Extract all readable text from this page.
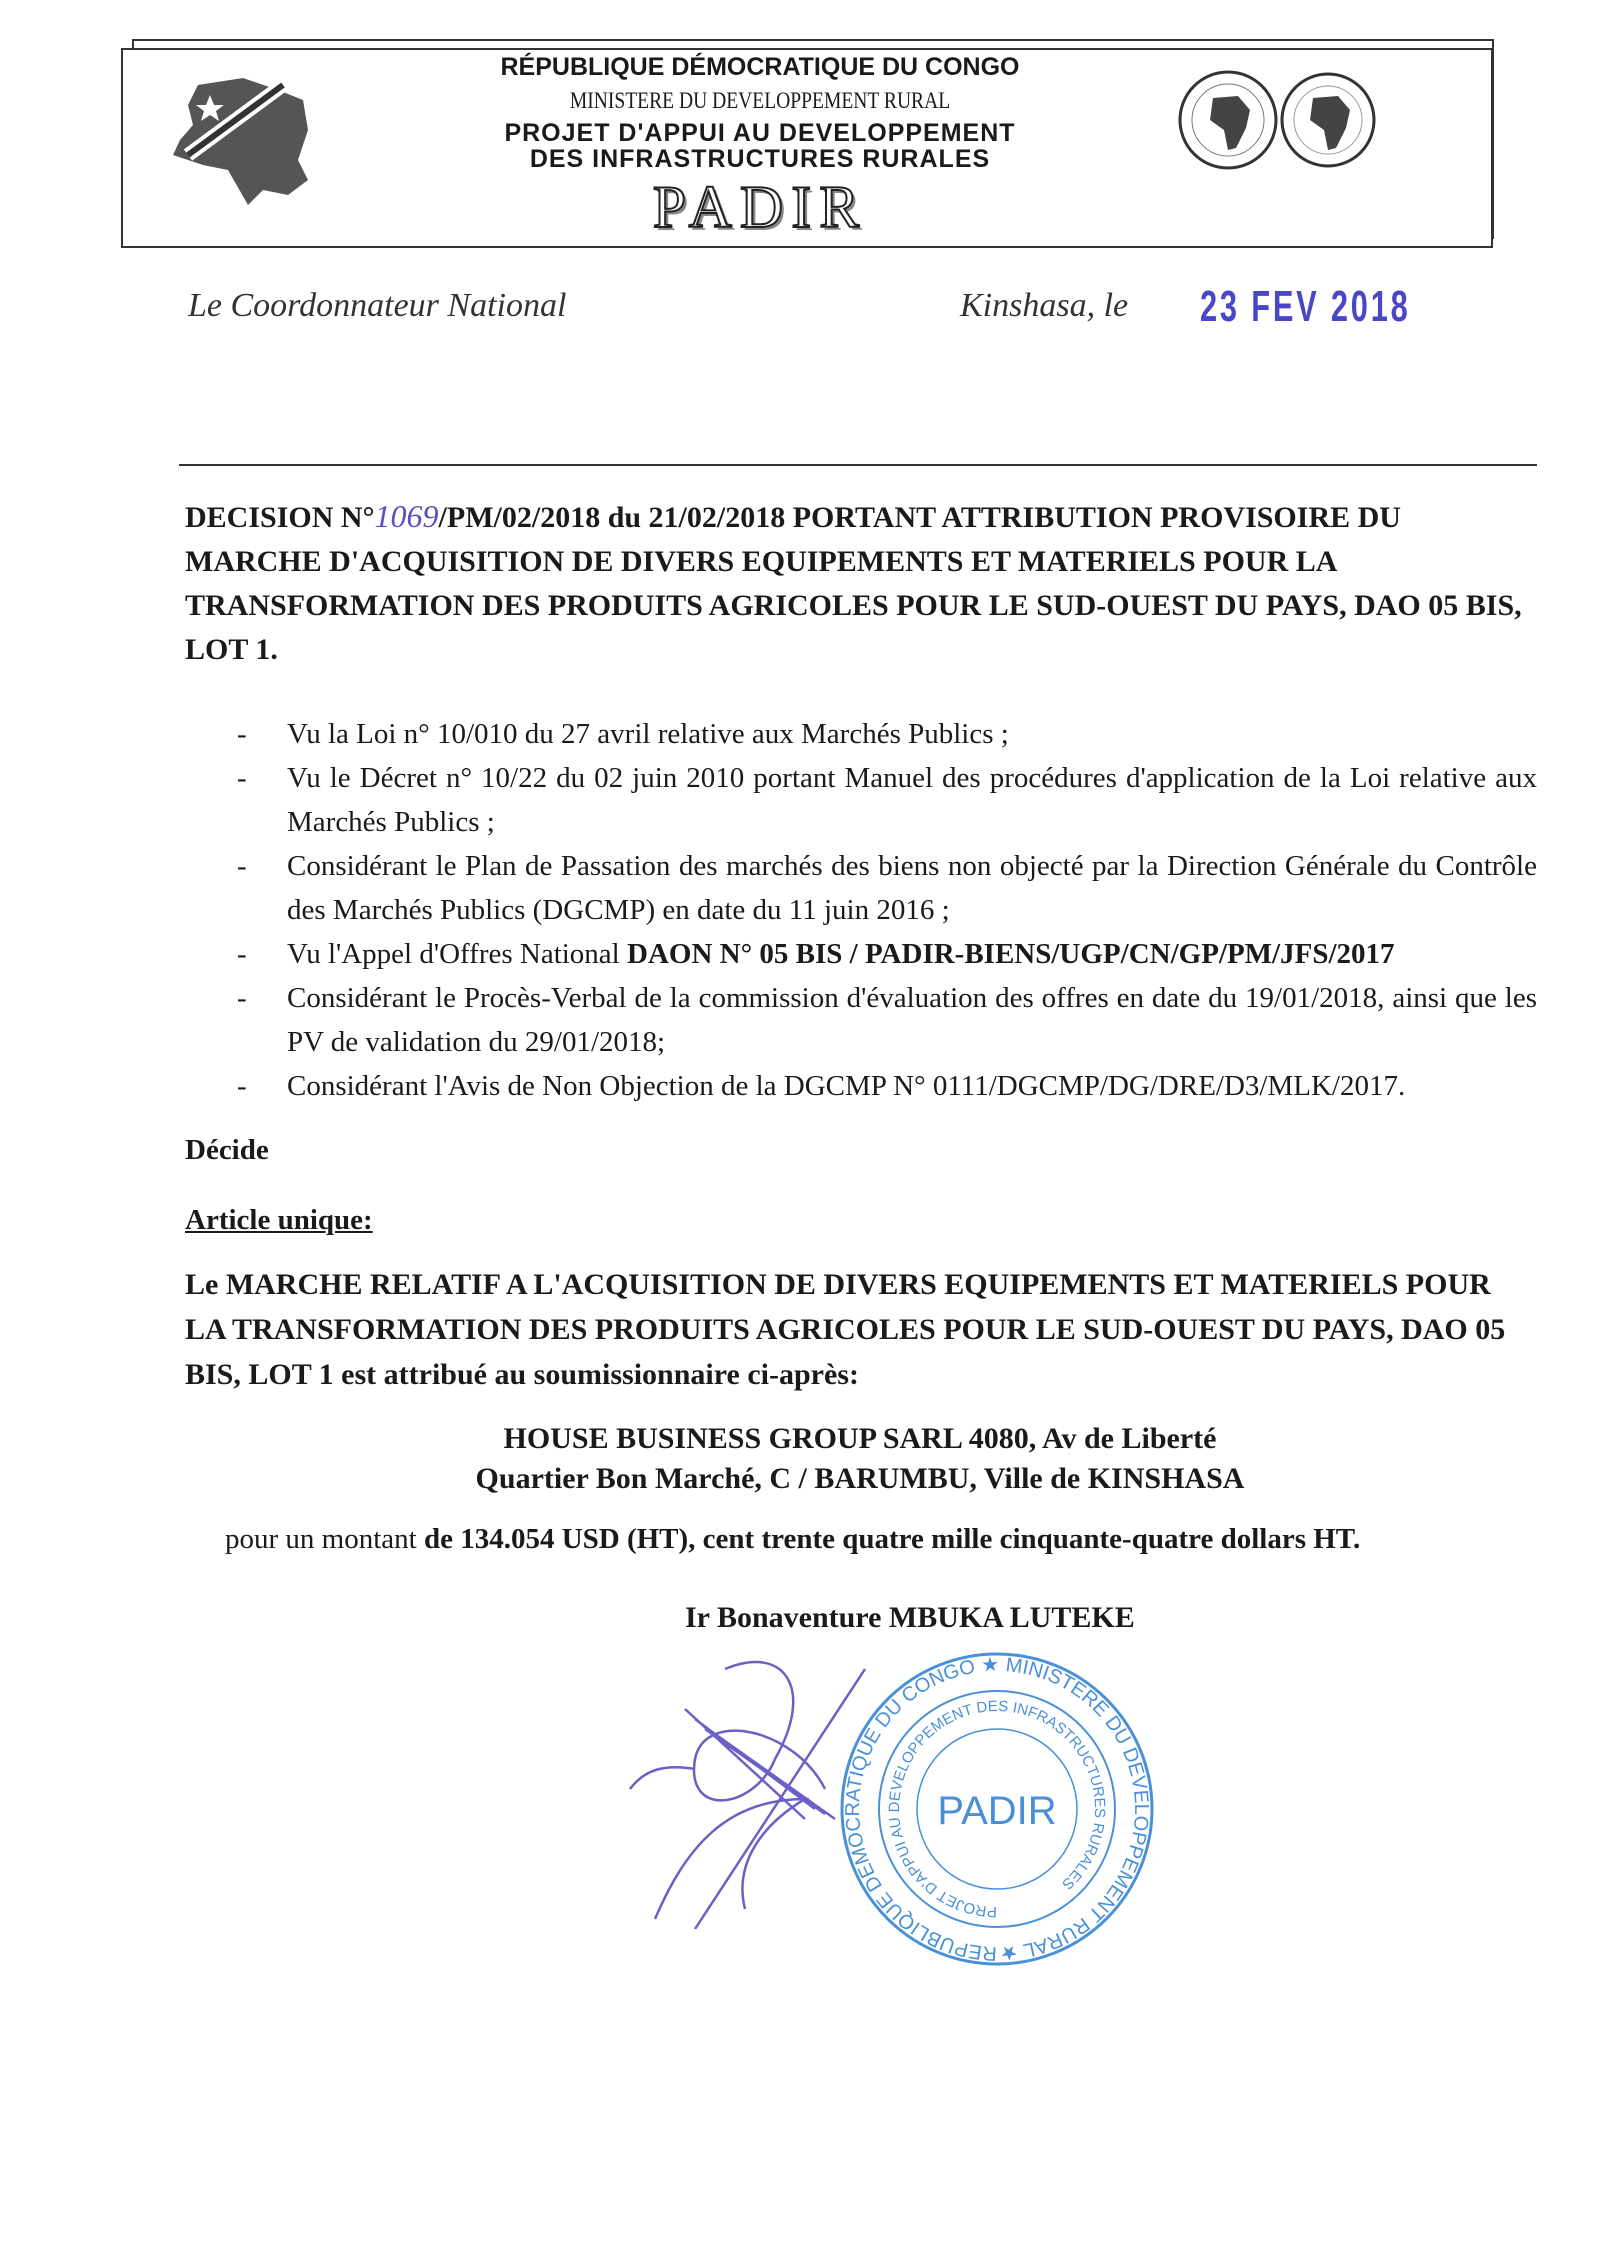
RÉPUBLIQUE DÉMOCRATIQUE DU CONGO
MINISTERE DU DEVELOPPEMENT RURAL
PROJET D'APPUI AU DEVELOPPEMENT
DES INFRASTRUCTURES RURALES
PADIR
Le Coordonnateur National	Kinshasa, le 23 FEV 2018
DECISION N°1069/PM/02/2018 du 21/02/2018 PORTANT ATTRIBUTION PROVISOIRE DU MARCHE D'ACQUISITION DE DIVERS EQUIPEMENTS ET MATERIELS POUR LA TRANSFORMATION DES PRODUITS AGRICOLES POUR LE SUD-OUEST DU PAYS, DAO 05 BIS, LOT 1.
- Vu la Loi n° 10/010 du 27 avril relative aux Marchés Publics ;
- Vu le Décret n° 10/22 du 02 juin 2010 portant Manuel des procédures d'application de la Loi relative aux Marchés Publics ;
- Considérant le Plan de Passation des marchés des biens non objecté par la Direction Générale du Contrôle des Marchés Publics (DGCMP) en date du 11 juin 2016 ;
- Vu l'Appel d'Offres National DAON N° 05 BIS / PADIR-BIENS/UGP/CN/GP/PM/JFS/2017
- Considérant le Procès-Verbal de la commission d'évaluation des offres en date du 19/01/2018, ainsi que les PV de validation du 29/01/2018;
- Considérant l'Avis de Non Objection de la DGCMP N° 0111/DGCMP/DG/DRE/D3/MLK/2017.
Décide
Article unique:
Le MARCHE RELATIF A L'ACQUISITION DE DIVERS EQUIPEMENTS ET MATERIELS POUR LA TRANSFORMATION DES PRODUITS AGRICOLES POUR LE SUD-OUEST DU PAYS, DAO 05 BIS, LOT 1 est attribué au soumissionnaire ci-après:
HOUSE BUSINESS GROUP SARL 4080, Av de Liberté
Quartier Bon Marché, C / BARUMBU, Ville de KINSHASA
pour un montant de 134.054 USD (HT), cent trente quatre mille cinquante-quatre dollars HT.
Ir Bonaventure MBUKA LUTEKE
REPUBLIQUE DEMOCRATIQUE DU CONGO ★ MINISTERE DU DEVELOPPEMENT RURAL ★
PROJET D'APPUI AU DEVELOPPEMENT DES INFRASTRUCTURES RURALES
PADIR
